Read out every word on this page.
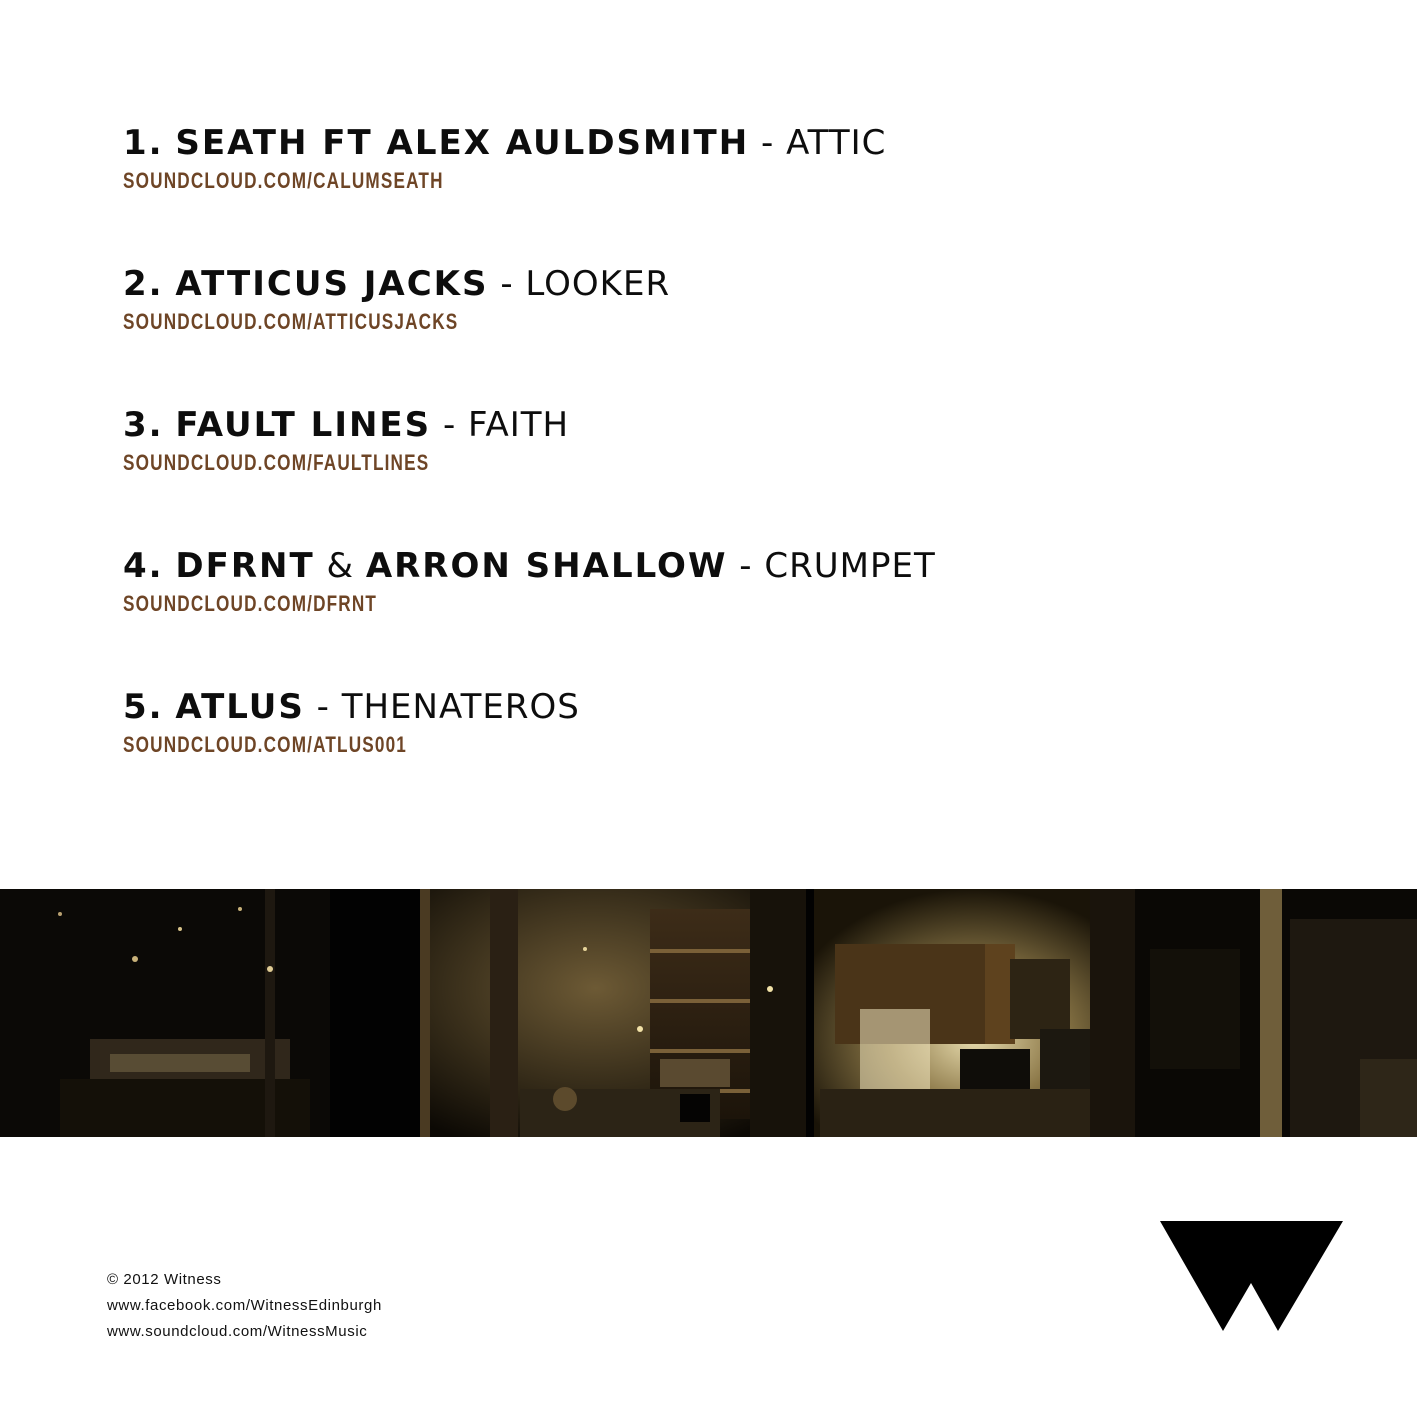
1. SEATH FT ALEX AULDSMITH - ATTIC

SOUNDCLOUD.COM/CALUMSEATH

2. ATTICUS JACKS - LOOKER

SOUNDCLOUD.COM/ATTICUSJACKS

3. FAULT LINES - FAITH

SOUNDCLOUD.COM/FAULTLINES

4. DFRNT & ARRON SHALLOW - CRUMPET

SOUNDCLOUD.COM/DFRNT

5. ATLUS - THENATEROS

SOUNDCLOUD.COM/ATLUS001

© 2012 Witness

www.facebook.com/WitnessEdinburgh

www.soundcloud.com/WitnessMusic
